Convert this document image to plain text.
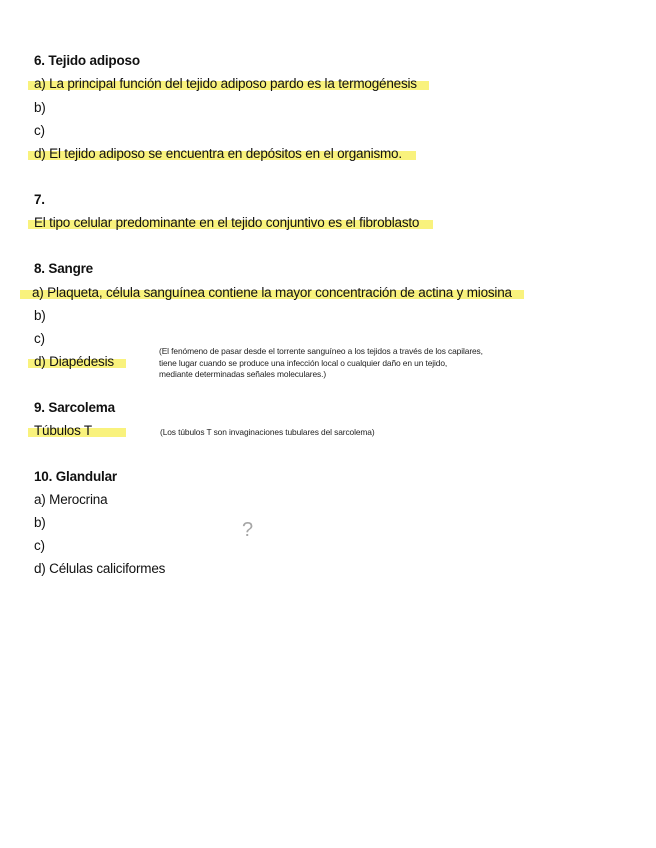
6. Tejido adiposo
a) La principal función del tejido adiposo pardo es la termogénesis
b)
c)
d) El tejido adiposo se encuentra en depósitos en el organismo.
7.
El tipo celular predominante en el tejido conjuntivo es el fibroblasto
8. Sangre
a) Plaqueta, célula sanguínea contiene la mayor concentración de actina y miosina
b)
c)
d) Diapédesis
(El fenómeno de pasar desde el torrente sanguíneo a los tejidos a través de los capilares,
tiene lugar cuando se produce una infección local o cualquier daño en un tejido,
mediante determinadas señales moleculares.)
9. Sarcolema
Túbulos T	(Los túbulos T son invaginaciones tubulares del sarcolema)
10. Glandular
a) Merocrina
b)
c)
d) Células caliciformes
?
